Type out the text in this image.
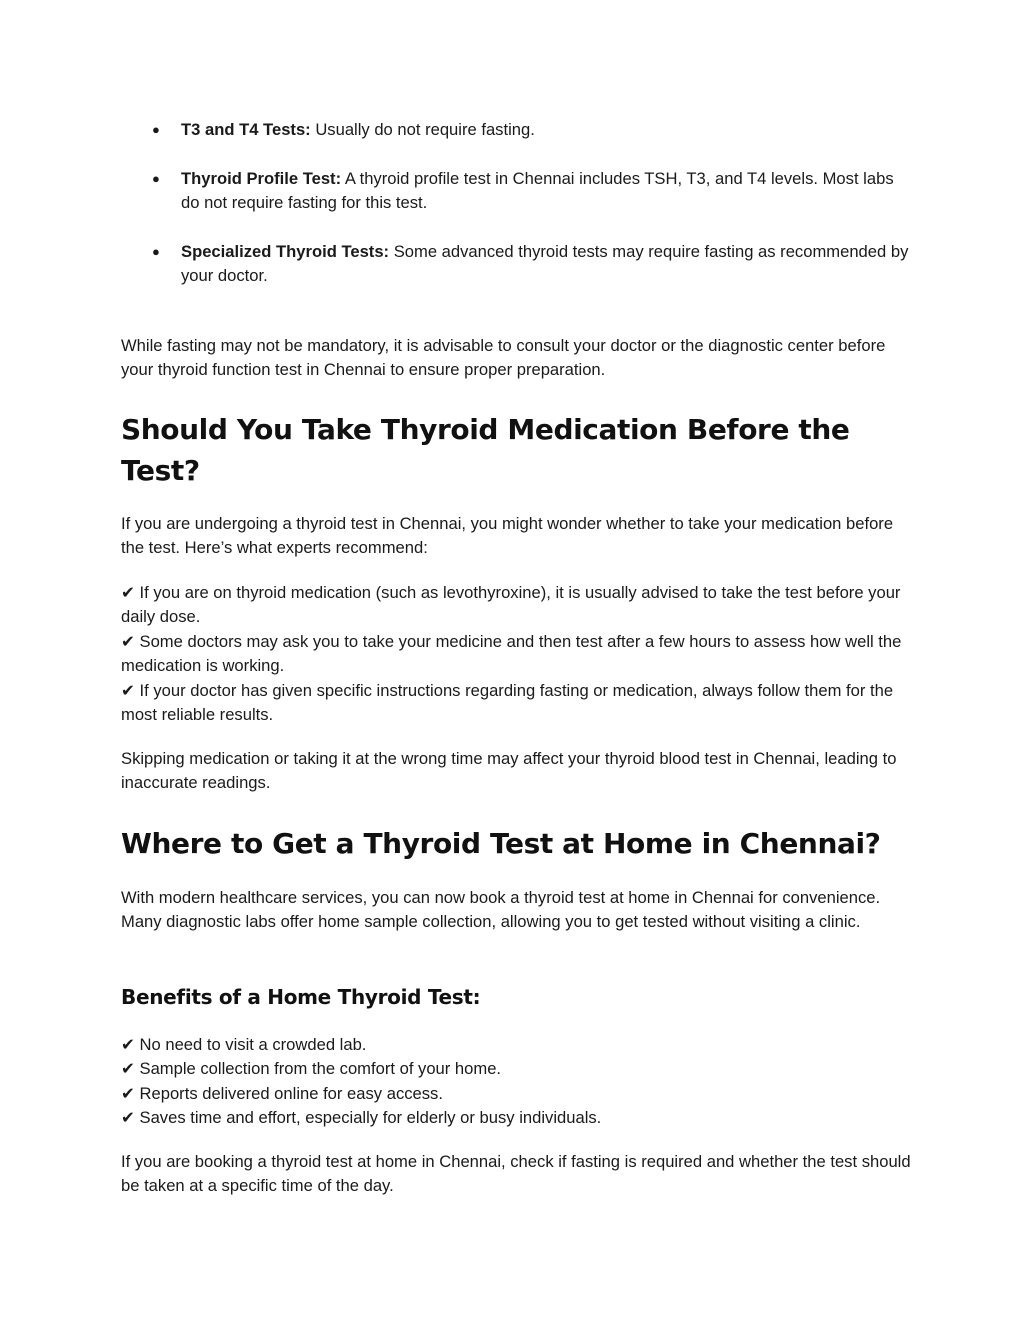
● T3 and T4 Tests: Usually do not require fasting.
● Thyroid Profile Test: A thyroid profile test in Chennai includes TSH, T3, and T4 levels. Most labs do not require fasting for this test.
● Specialized Thyroid Tests: Some advanced thyroid tests may require fasting as recommended by your doctor.

While fasting may not be mandatory, it is advisable to consult your doctor or the diagnostic center before your thyroid function test in Chennai to ensure proper preparation.

Should You Take Thyroid Medication Before the Test?

If you are undergoing a thyroid test in Chennai, you might wonder whether to take your medication before the test. Here’s what experts recommend:

✔ If you are on thyroid medication (such as levothyroxine), it is usually advised to take the test before your daily dose.
✔ Some doctors may ask you to take your medicine and then test after a few hours to assess how well the medication is working.
✔ If your doctor has given specific instructions regarding fasting or medication, always follow them for the most reliable results.

Skipping medication or taking it at the wrong time may affect your thyroid blood test in Chennai, leading to inaccurate readings.

Where to Get a Thyroid Test at Home in Chennai?

With modern healthcare services, you can now book a thyroid test at home in Chennai for convenience. Many diagnostic labs offer home sample collection, allowing you to get tested without visiting a clinic.

Benefits of a Home Thyroid Test:
✔ No need to visit a crowded lab.
✔ Sample collection from the comfort of your home.
✔ Reports delivered online for easy access.
✔ Saves time and effort, especially for elderly or busy individuals.

If you are booking a thyroid test at home in Chennai, check if fasting is required and whether the test should be taken at a specific time of the day.
